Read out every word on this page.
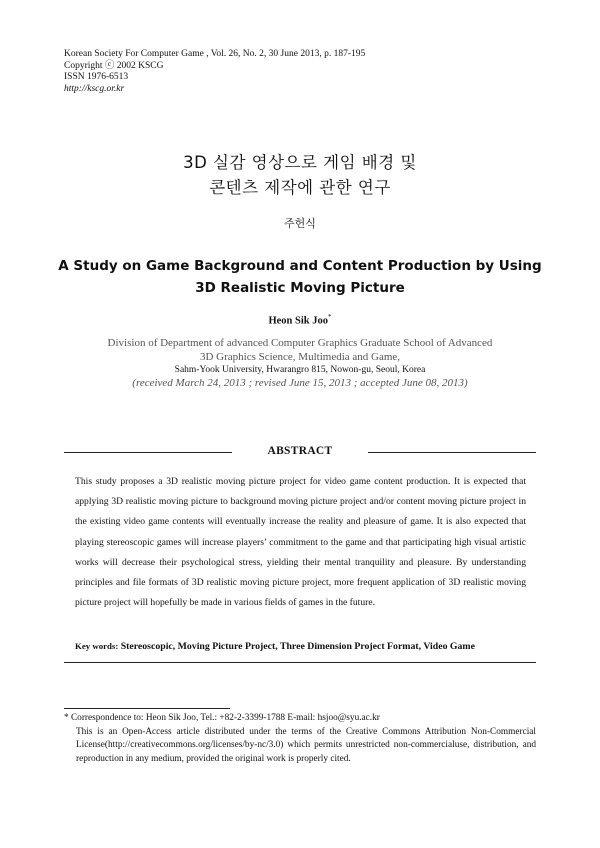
Korean Society For Computer Game , Vol. 26, No. 2, 30 June 2013, p. 187-195
Copyright ⓒ 2002 KSCG
ISSN 1976-6513
http://kscg.or.kr
3D 실감 영상으로 게임 배경 및
콘텐츠 제작에 관한 연구
주헌식
A Study on Game Background and Content Production by Using
3D Realistic Moving Picture
Heon Sik Joo*
Division of Department of advanced Computer Graphics Graduate School of Advanced
3D Graphics Science, Multimedia and Game,
Sahm-Yook University, Hwarangro 815, Nowon-gu, Seoul, Korea
(received March 24, 2013 ; revised June 15, 2013 ; accepted June 08, 2013)
ABSTRACT
This study proposes a 3D realistic moving picture project for video game content production. It is expected that applying 3D realistic moving picture to background moving picture project and/or content moving picture project in the existing video game contents will eventually increase the reality and pleasure of game. It is also expected that playing stereoscopic games will increase players’ commitment to the game and that participating high visual artistic works will decrease their psychological stress, yielding their mental tranquility and pleasure. By understanding principles and file formats of 3D realistic moving picture project, more frequent application of 3D realistic moving picture project will hopefully be made in various fields of games in the future.
Key words: Stereoscopic, Moving Picture Project, Three Dimension Project Format, Video Game
* Correspondence to: Heon Sik Joo, Tel.: +82-2-3399-1788 E-mail: hsjoo@syu.ac.kr
This is an Open-Access article distributed under the terms of the Creative Commons Attribution Non-Commercial License(http://creativecommons.org/licenses/by-nc/3.0) which permits unrestricted non-commercialuse, distribution, and reproduction in any medium, provided the original work is properly cited.
